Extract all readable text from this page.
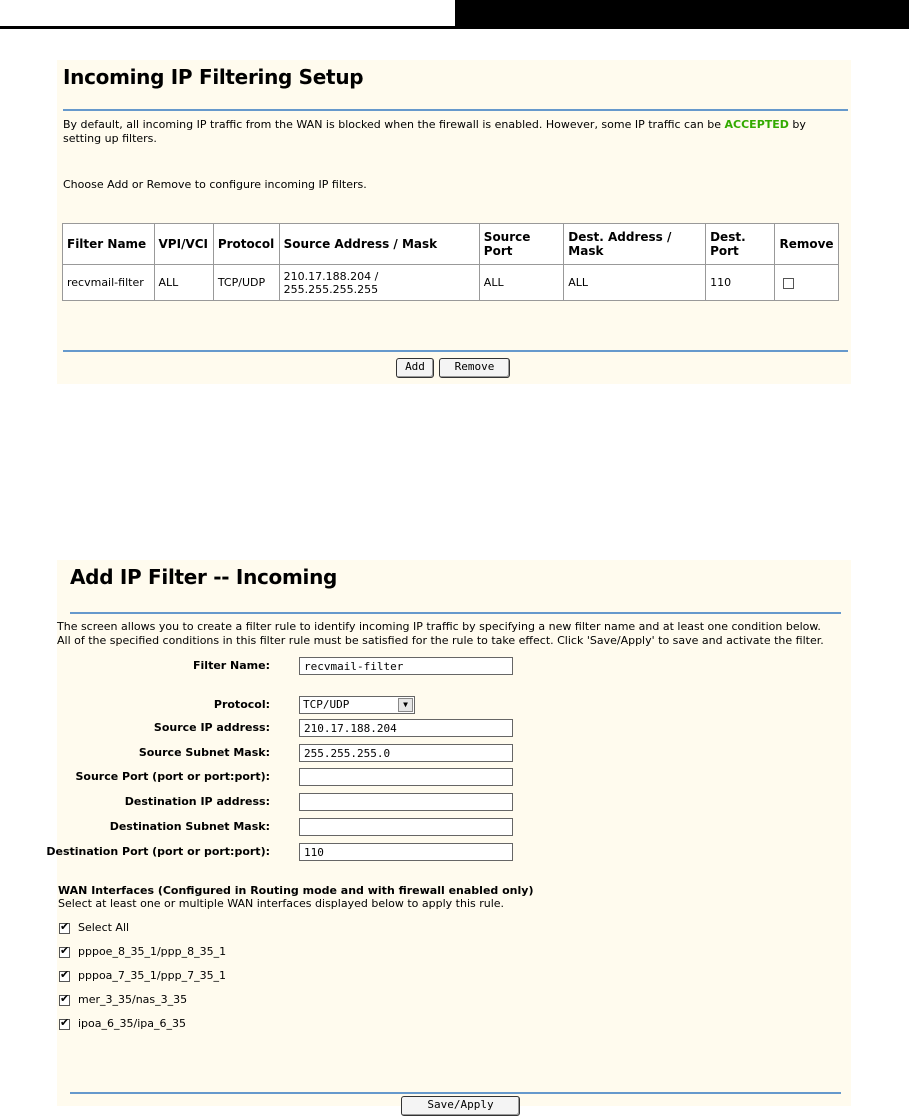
Incoming IP Filtering Setup
By default, all incoming IP traffic from the WAN is blocked when the firewall is enabled. However, some IP traffic can be ACCEPTED by
setting up filters.
Choose Add or Remove to configure incoming IP filters.
Filter Name	VPI/VCI	Protocol	Source Address / Mask	Source Port	Dest. Address / Mask	Dest. Port	Remove
recvmail-filter	ALL	TCP/UDP	210.17.188.204 /
255.255.255.255	ALL	ALL	110	
Add	Remove
Add IP Filter -- Incoming
The screen allows you to create a filter rule to identify incoming IP traffic by specifying a new filter name and at least one condition below.
All of the specified conditions in this filter rule must be satisfied for the rule to take effect. Click 'Save/Apply' to save and activate the filter.
Filter Name:	recvmail-filter
Protocol:	TCP/UDP	▼
Source IP address:	210.17.188.204
Source Subnet Mask:	255.255.255.0
Source Port (port or port:port):
Destination IP address:
Destination Subnet Mask:
Destination Port (port or port:port):	110
WAN Interfaces (Configured in Routing mode and with firewall enabled only)
Select at least one or multiple WAN interfaces displayed below to apply this rule.
✔Select All
✔pppoe_8_35_1/ppp_8_35_1
✔pppoa_7_35_1/ppp_7_35_1
✔mer_3_35/nas_3_35
✔ipoa_6_35/ipa_6_35
Save/Apply
